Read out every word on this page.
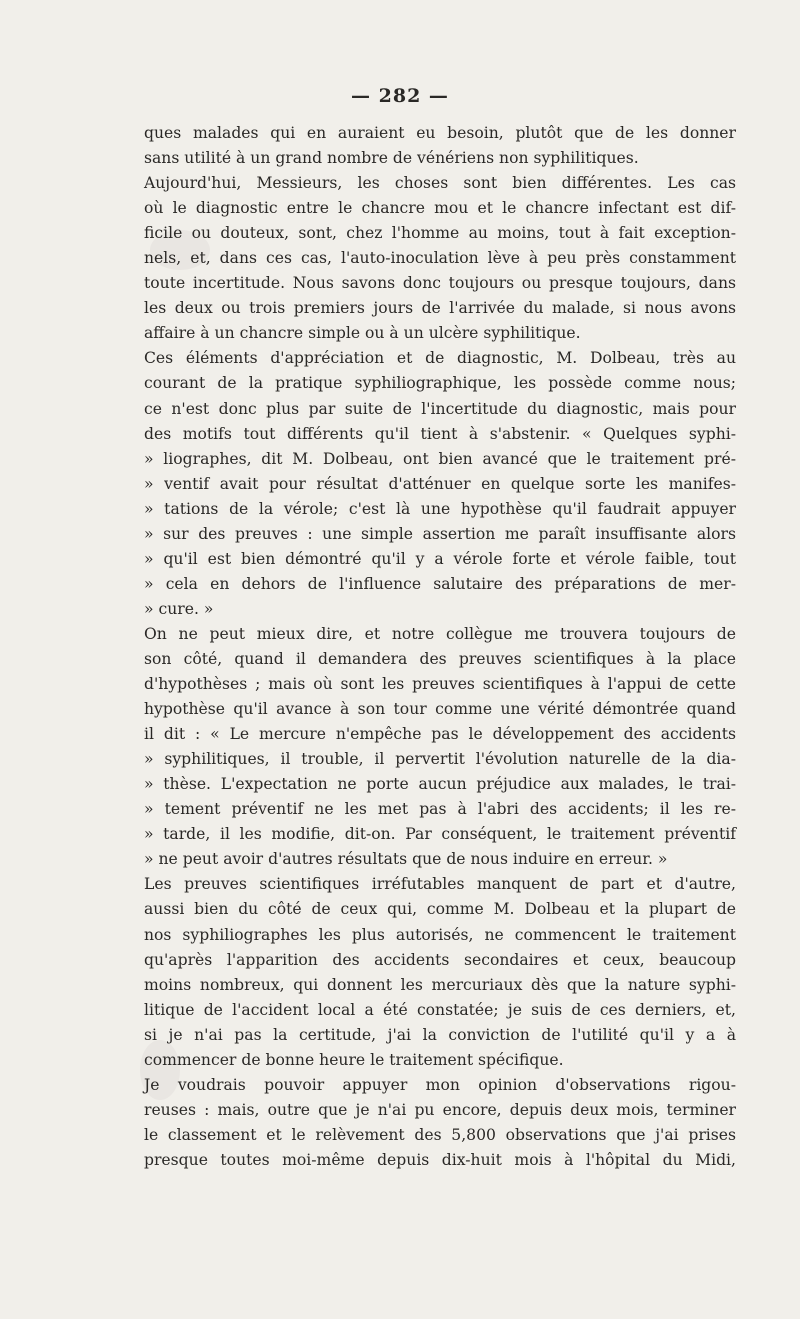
— 282 —
ques malades qui en auraient eu besoin, plutôt que de les donner
sans utilité à un grand nombre de vénériens non syphilitiques.
Aujourd'hui, Messieurs, les choses sont bien différentes. Les cas
où le diagnostic entre le chancre mou et le chancre infectant est dif-
ficile ou douteux, sont, chez l'homme au moins, tout à fait exception-
nels, et, dans ces cas, l'auto-inoculation lève à peu près constamment
toute incertitude. Nous savons donc toujours ou presque toujours, dans
les deux ou trois premiers jours de l'arrivée du malade, si nous avons
affaire à un chancre simple ou à un ulcère syphilitique.
Ces éléments d'appréciation et de diagnostic, M. Dolbeau, très au
courant de la pratique syphiliographique, les possède comme nous;
ce n'est donc plus par suite de l'incertitude du diagnostic, mais pour
des motifs tout différents qu'il tient à s'abstenir. « Quelques syphi-
» liographes, dit M. Dolbeau, ont bien avancé que le traitement pré-
» ventif avait pour résultat d'atténuer en quelque sorte les manifes-
» tations de la vérole; c'est là une hypothèse qu'il faudrait appuyer
» sur des preuves : une simple assertion me paraît insuffisante alors
» qu'il est bien démontré qu'il y a vérole forte et vérole faible, tout
» cela en dehors de l'influence salutaire des préparations de mer-
» cure. »
On ne peut mieux dire, et notre collègue me trouvera toujours de
son côté, quand il demandera des preuves scientifiques à la place
d'hypothèses ; mais où sont les preuves scientifiques à l'appui de cette
hypothèse qu'il avance à son tour comme une vérité démontrée quand
il dit : « Le mercure n'empêche pas le développement des accidents
» syphilitiques, il trouble, il pervertit l'évolution naturelle de la dia-
» thèse. L'expectation ne porte aucun préjudice aux malades, le trai-
» tement préventif ne les met pas à l'abri des accidents; il les re-
» tarde, il les modifie, dit-on. Par conséquent, le traitement préventif
» ne peut avoir d'autres résultats que de nous induire en erreur. »
Les preuves scientifiques irréfutables manquent de part et d'autre,
aussi bien du côté de ceux qui, comme M. Dolbeau et la plupart de
nos syphiliographes les plus autorisés, ne commencent le traitement
qu'après l'apparition des accidents secondaires et ceux, beaucoup
moins nombreux, qui donnent les mercuriaux dès que la nature syphi-
litique de l'accident local a été constatée; je suis de ces derniers, et,
si je n'ai pas la certitude, j'ai la conviction de l'utilité qu'il y a à
commencer de bonne heure le traitement spécifique.
Je voudrais pouvoir appuyer mon opinion d'observations rigou-
reuses : mais, outre que je n'ai pu encore, depuis deux mois, terminer
le classement et le relèvement des 5,800 observations que j'ai prises
presque toutes moi-même depuis dix-huit mois à l'hôpital du Midi,
